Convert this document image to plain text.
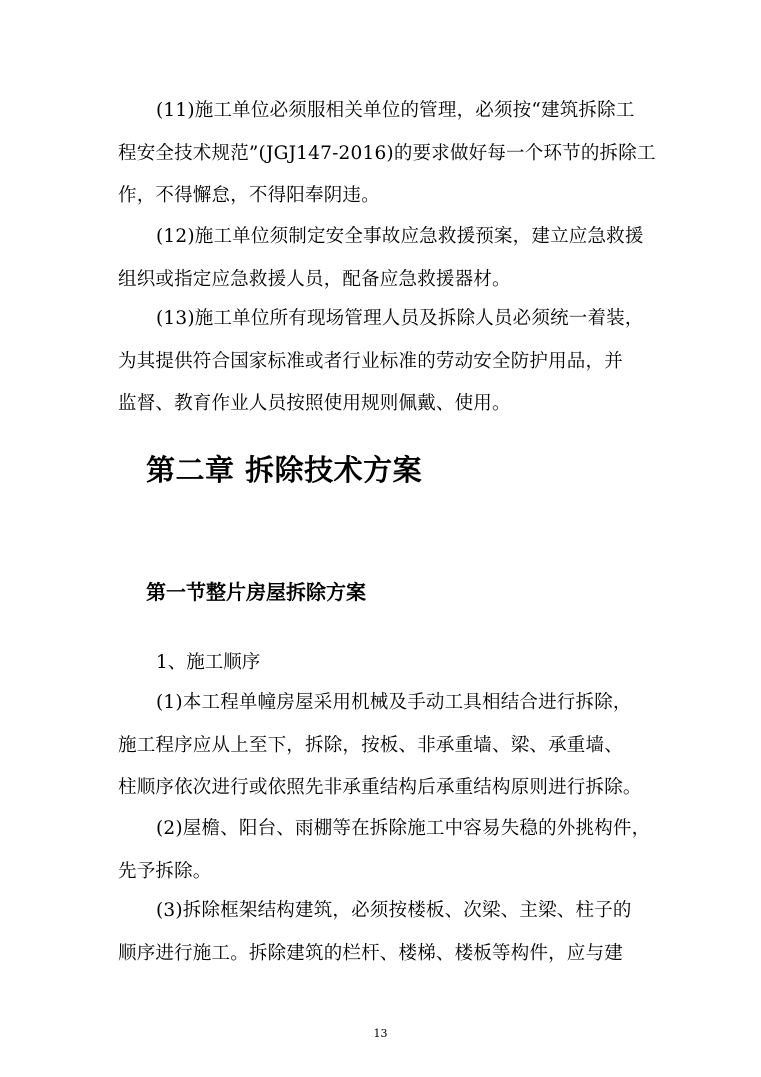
(11)施工单位必须服相关单位的管理，必须按“建筑拆除工
程安全技术规范”(JGJ147-2016)的要求做好每一个环节的拆除工
作，不得懈怠，不得阳奉阴违。
(12)施工单位须制定安全事故应急救援预案，建立应急救援
组织或指定应急救援人员，配备应急救援器材。
(13)施工单位所有现场管理人员及拆除人员必须统一着装，
为其提供符合国家标准或者行业标准的劳动安全防护用品，并
监督、教育作业人员按照使用规则佩戴、使用。
第二章 拆除技术方案
第一节整片房屋拆除方案
1、施工顺序
(1)本工程单幢房屋采用机械及手动工具相结合进行拆除，
施工程序应从上至下，拆除，按板、非承重墙、梁、承重墙、
柱顺序依次进行或依照先非承重结构后承重结构原则进行拆除。
(2)屋檐、阳台、雨棚等在拆除施工中容易失稳的外挑构件，
先予拆除。
(3)拆除框架结构建筑，必须按楼板、次梁、主梁、柱子的
顺序进行施工。拆除建筑的栏杆、楼梯、楼板等构件，应与建
13
